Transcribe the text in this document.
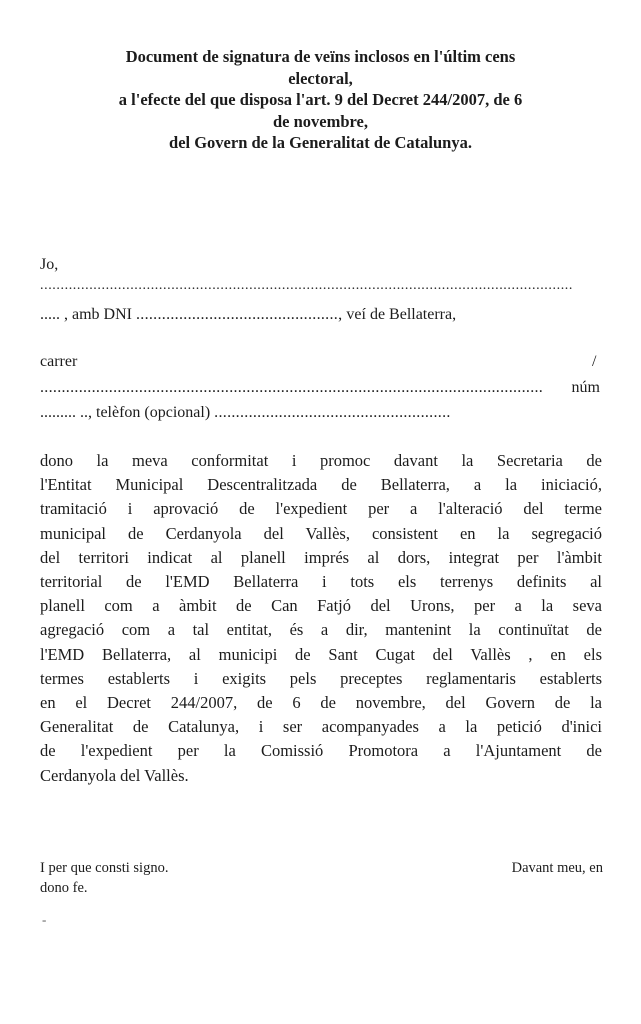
Document de signatura de veïns inclosos en l'últim cens
electoral,
a l'efecte del que disposa l'art. 9 del Decret 244/2007, de 6
de novembre,
del Govern de la Generalitat de Catalunya.
Jo,
..................................................................................................................................
..... , amb DNI ..............................................., veí de Bellaterra,
carrer	/
..................................................................................................................... núm
......... .., telèfon (opcional) .......................................................
dono la meva conformitat i promoc davant la Secretaria de
l'Entitat Municipal Descentralitzada de Bellaterra, a la iniciació,
tramitació i aprovació de l'expedient per a l'alteració del terme
municipal de Cerdanyola del Vallès, consistent en la segregació
del territori indicat al planell imprés al dors, integrat per l'àmbit
territorial de l'EMD Bellaterra i tots els terrenys definits al
planell com a àmbit de Can Fatjó del Urons, per a la seva
agregació com a tal entitat, és a dir, mantenint la continuïtat de
l'EMD Bellaterra, al municipi de Sant Cugat del Vallès , en els
termes establerts i exigits pels preceptes reglamentaris establerts
en el Decret 244/2007, de 6 de novembre, del Govern de la
Generalitat de Catalunya, i ser acompanyades a la petició d'inici
de l'expedient per la Comissió Promotora a l'Ajuntament de
Cerdanyola del Vallès.
I per que consti signo.
dono fe.
Davant meu, en
-
